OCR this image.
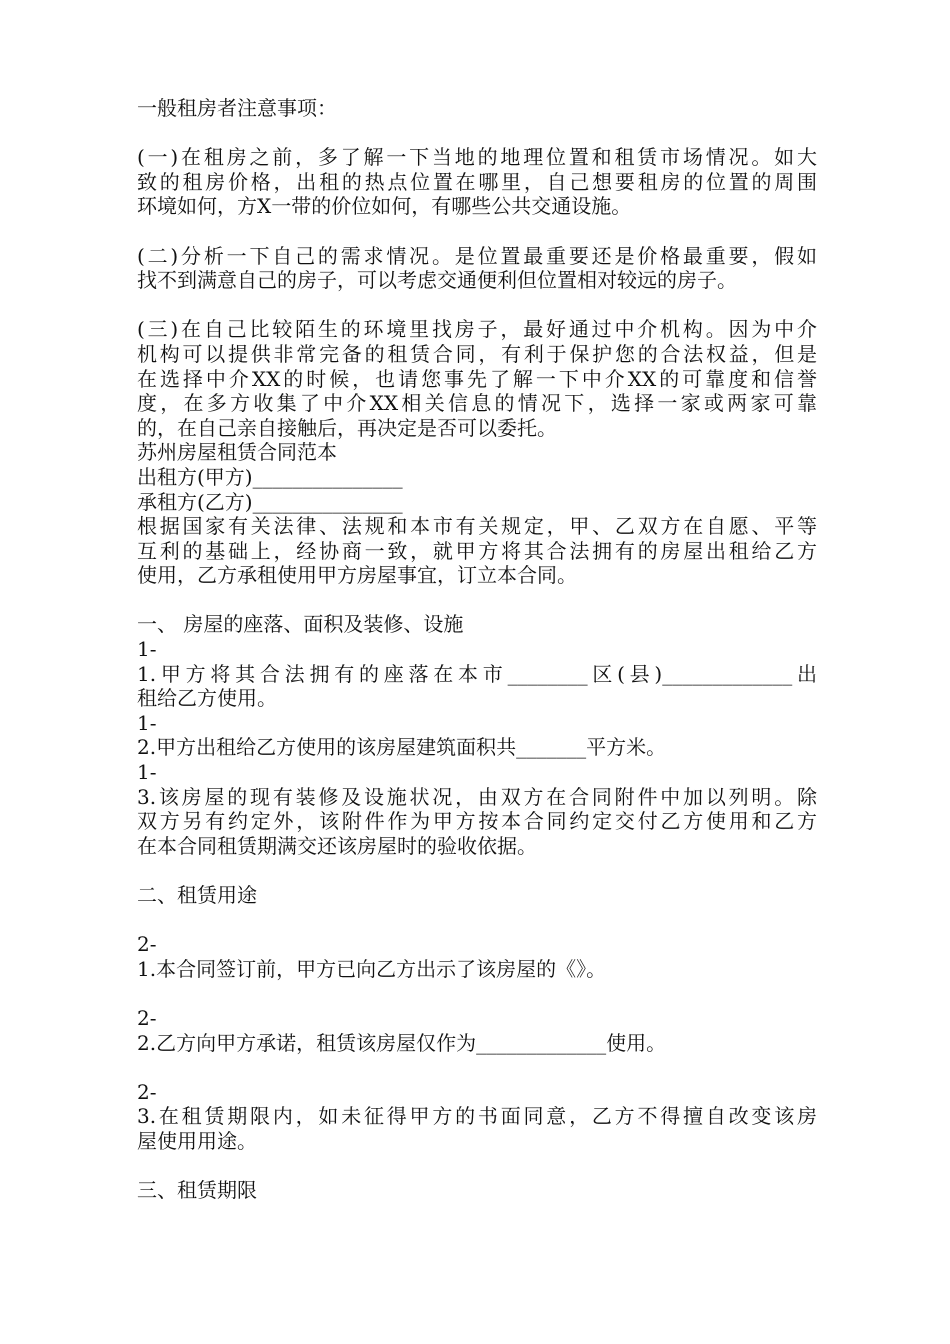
一般租房者注意事项：
(一)在租房之前，多了解一下当地的地理位置和租赁市场情况。如大
致的租房价格，出租的热点位置在哪里，自己想要租房的位置的周围
环境如何，方X一带的价位如何，有哪些公共交通设施。
(二)分析一下自己的需求情况。是位置最重要还是价格最重要，假如
找不到满意自己的房子，可以考虑交通便利但位置相对较远的房子。
(三)在自己比较陌生的环境里找房子，最好通过中介机构。因为中介
机构可以提供非常完备的租赁合同，有利于保护您的合法权益，但是
在选择中介XX的时候，也请您事先了解一下中介XX的可靠度和信誉
度，在多方收集了中介XX相关信息的情况下，选择一家或两家可靠
的，在自己亲自接触后，再决定是否可以委托。
苏州房屋租赁合同范本
出租方(甲方)_______________
承租方(乙方)_______________
根据国家有关法律、法规和本市有关规定，甲、乙双方在自愿、平等
互利的基础上，经协商一致，就甲方将其合法拥有的房屋出租给乙方
使用，乙方承租使用甲方房屋事宜，订立本合同。
一、 房屋的座落、面积及装修、设施
1-
1.甲方将其合法拥有的座落在本市________区(县)_____________出
租给乙方使用。
1-
2.甲方出租给乙方使用的该房屋建筑面积共_______平方米。
1-
3.该房屋的现有装修及设施状况，由双方在合同附件中加以列明。除
双方另有约定外，该附件作为甲方按本合同约定交付乙方使用和乙方
在本合同租赁期满交还该房屋时的验收依据。
二、租赁用途
2-
1.本合同签订前，甲方已向乙方出示了该房屋的《》。
2-
2.乙方向甲方承诺，租赁该房屋仅作为_____________使用。
2-
3.在租赁期限内，如未征得甲方的书面同意，乙方不得擅自改变该房
屋使用用途。
三、租赁期限
